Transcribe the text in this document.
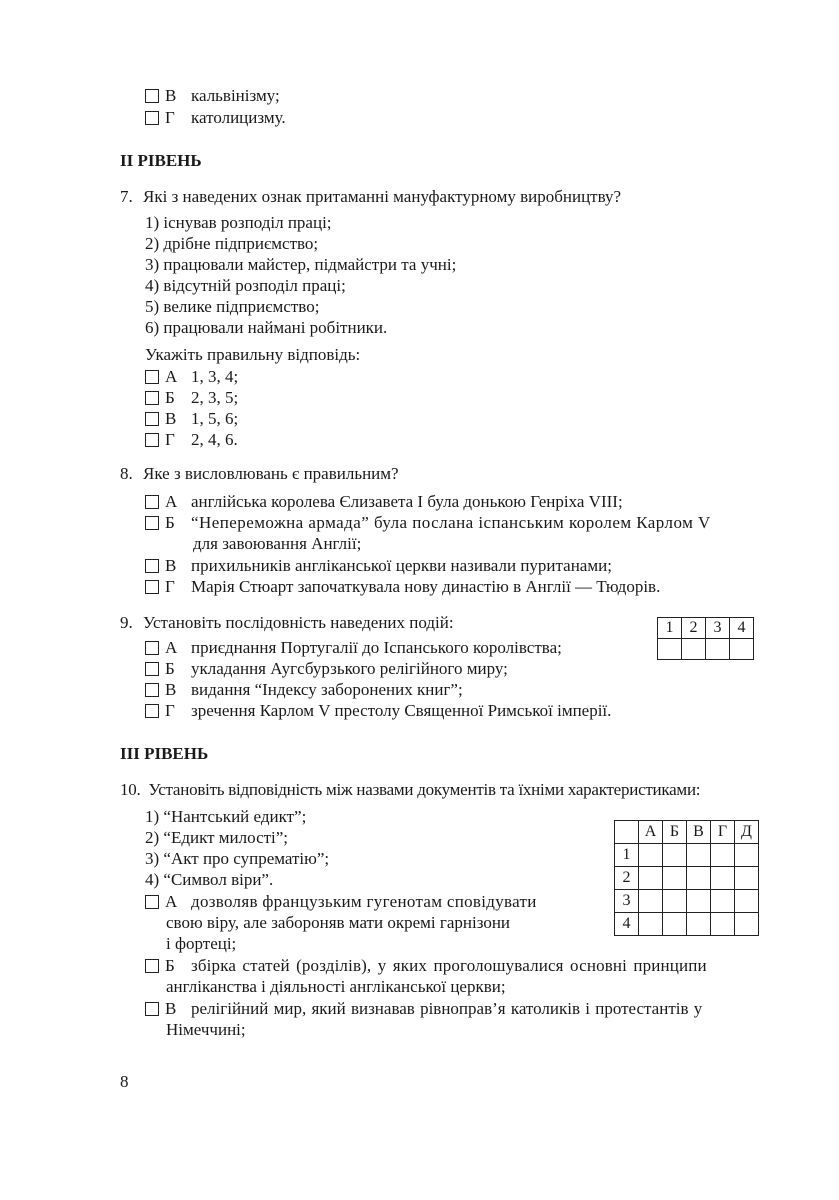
В кальвінізму;
Г католицизму.
ІІ РІВЕНЬ
7. Які з наведених ознак притаманні мануфактурному виробництву?
1) існував розподіл праці;
2) дрібне підприємство;
3) працювали майстер, підмайстри та учні;
4) відсутній розподіл праці;
5) велике підприємство;
6) працювали наймані робітники.
Укажіть правильну відповідь:
А 1, 3, 4;
Б 2, 3, 5;
В 1, 5, 6;
Г 2, 4, 6.
8. Яке з висловлювань є правильним?
А англійська королева Єлизавета І була донькою Генріха VIII;
Б “Непереможна армада” була послана іспанським королем Карлом V
для завоювання Англії;
В прихильників англіканської церкви називали пуританами;
Г Марія Стюарт започаткувала нову династію в Англії — Тюдорів.
9. Установіть послідовність наведених подій:	1	2	3	4

А приєднання Португалії до Іспанського королівства;
Б укладання Аугсбурзького релігійного миру;
В видання “Індексу заборонених книг”;
Г зречення Карлом V престолу Священної Римської імперії.
ІІІ РІВЕНЬ
10. Установіть відповідність між назвами документів та їхніми характеристиками:
1) “Нантський едикт”;
2) “Едикт милості”;
3) “Акт про супрематію”;
4) “Символ віри”.
	А	Б	В	Г	Д
1					
2					
3					
4					
А дозволяв французьким гугенотам сповідувати
свою віру, але забороняв мати окремі гарнізони
і фортеці;
Б збірка статей (розділів), у яких проголошувалися основні принципи
англіканства і діяльності англіканської церкви;
В релігійний мир, який визнавав рівноправ’я католиків і протестантів у
Німеччині;
8
